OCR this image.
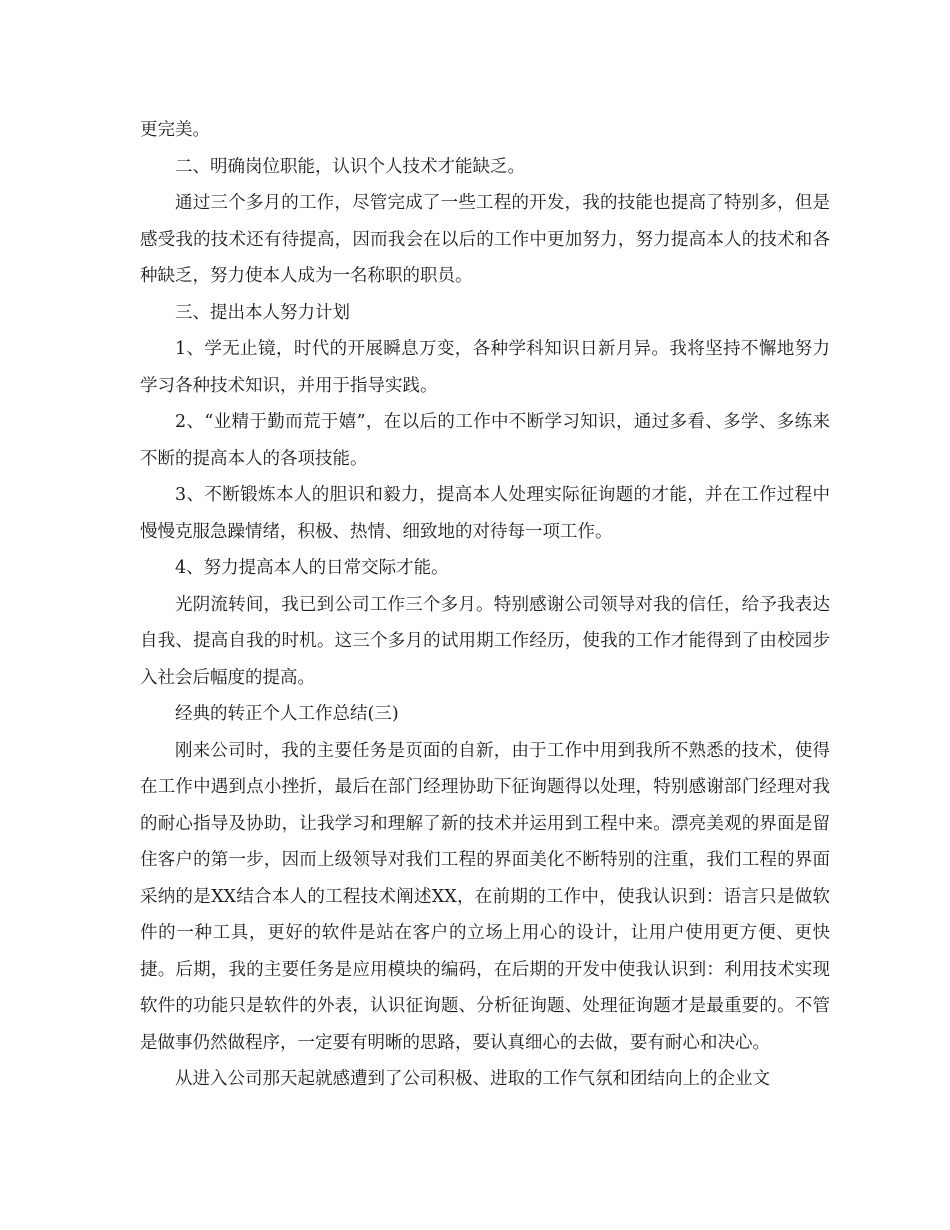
更完美。

二、明确岗位职能，认识个人技术才能缺乏。

通过三个多月的工作，尽管完成了一些工程的开发，我的技能也提高了特别多，但是感受我的技术还有待提高，因而我会在以后的工作中更加努力，努力提高本人的技术和各种缺乏，努力使本人成为一名称职的职员。

三、提出本人努力计划

1、学无止镜，时代的开展瞬息万变，各种学科知识日新月异。我将坚持不懈地努力学习各种技术知识，并用于指导实践。

2、“业精于勤而荒于嬉”，在以后的工作中不断学习知识，通过多看、多学、多练来不断的提高本人的各项技能。

3、不断锻炼本人的胆识和毅力，提高本人处理实际征询题的才能，并在工作过程中慢慢克服急躁情绪，积极、热情、细致地的对待每一项工作。

4、努力提高本人的日常交际才能。

光阴流转间，我已到公司工作三个多月。特别感谢公司领导对我的信任，给予我表达自我、提高自我的时机。这三个多月的试用期工作经历，使我的工作才能得到了由校园步入社会后幅度的提高。

经典的转正个人工作总结(三)

刚来公司时，我的主要任务是页面的自新，由于工作中用到我所不熟悉的技术，使得在工作中遇到点小挫折，最后在部门经理协助下征询题得以处理，特别感谢部门经理对我的耐心指导及协助，让我学习和理解了新的技术并运用到工程中来。漂亮美观的界面是留住客户的第一步，因而上级领导对我们工程的界面美化不断特别的注重，我们工程的界面采纳的是XX结合本人的工程技术阐述XX，在前期的工作中，使我认识到：语言只是做软件的一种工具，更好的软件是站在客户的立场上用心的设计，让用户使用更方便、更快捷。后期，我的主要任务是应用模块的编码，在后期的开发中使我认识到：利用技术实现软件的功能只是软件的外表，认识征询题、分析征询题、处理征询题才是最重要的。不管是做事仍然做程序，一定要有明晰的思路，要认真细心的去做，要有耐心和决心。

从进入公司那天起就感遭到了公司积极、进取的工作气氛和团结向上的企业文
